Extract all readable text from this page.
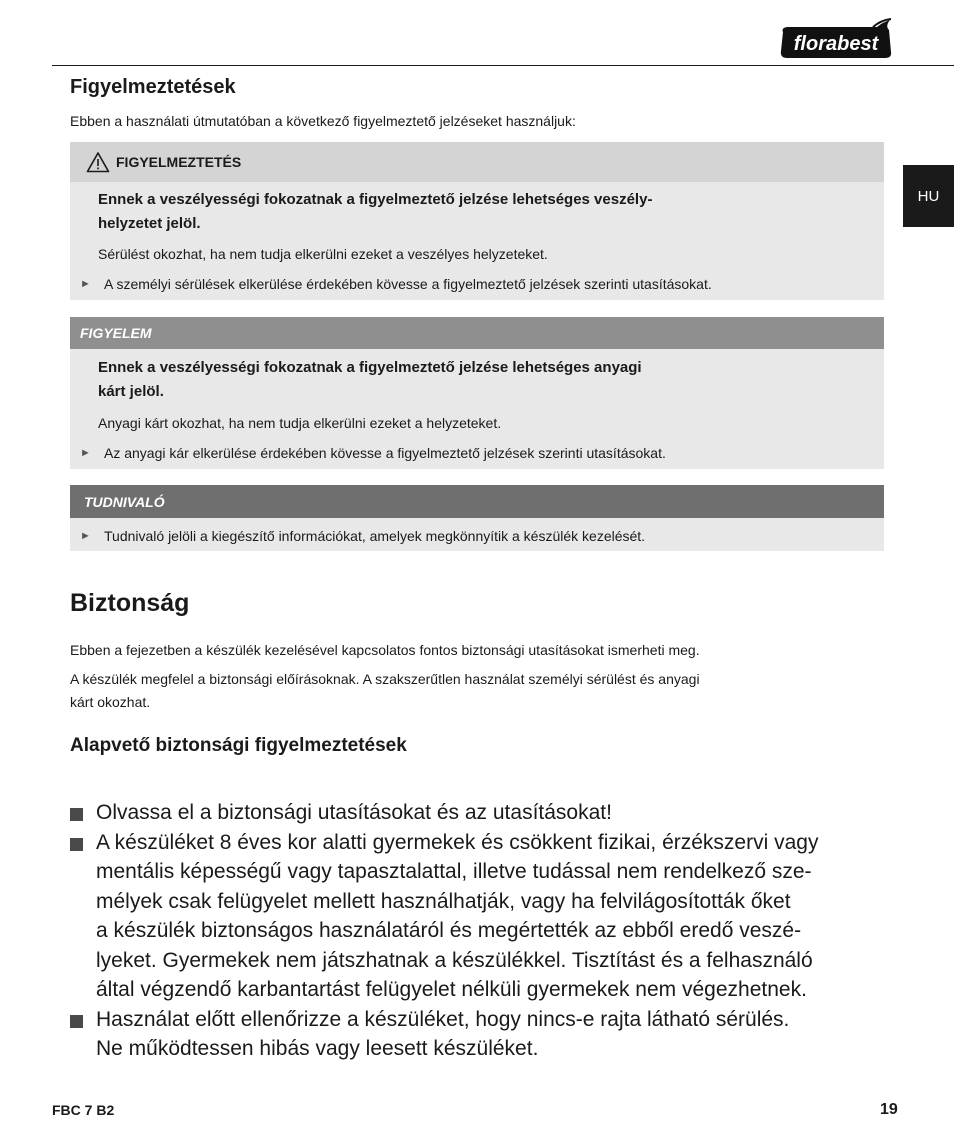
florabest
HU
Figyelmeztetések

Ebben a használati útmutatóban a következő figyelmeztető jelzéseket használjuk:

FIGYELMEZTETÉS

Ennek a veszélyességi fokozatnak a figyelmeztető jelzése lehetséges veszély-

helyzetet jelöl.

Sérülést okozhat, ha nem tudja elkerülni ezeket a veszélyes helyzeteket.

► A személyi sérülések elkerülése érdekében kövesse a figyelmeztető jelzések szerinti utasításokat.
FIGYELEM

Ennek a veszélyességi fokozatnak a figyelmeztető jelzése lehetséges anyagi

kárt jelöl.

Anyagi kárt okozhat, ha nem tudja elkerülni ezeket a helyzeteket.

► Az anyagi kár elkerülése érdekében kövesse a figyelmeztető jelzések szerinti utasításokat.
TUDNIVALÓ
► Tudnivaló jelöli a kiegészítő információkat, amelyek megkönnyítik a készülék kezelését.
Biztonság

Ebben a fejezetben a készülék kezelésével kapcsolatos fontos biztonsági utasításokat ismerheti meg.

A készülék megfelel a biztonsági előírásoknak. A szakszerűtlen használat személyi sérülést és anyagi

kárt okozhat.

Alapvető biztonsági figyelmeztetések

Olvassa el a biztonsági utasításokat és az utasításokat!

A készüléket 8 éves kor alatti gyermekek és csökkent fizikai, érzékszervi vagy

mentális képességű vagy tapasztalattal, illetve tudással nem rendelkező sze-

mélyek csak felügyelet mellett használhatják, vagy ha felvilágosították őket

a készülék biztonságos használatáról és megértették az ebből eredő veszé-

lyeket. Gyermekek nem játszhatnak a készülékkel. Tisztítást és a felhasználó

által végzendő karbantartást felügyelet nélküli gyermekek nem végezhetnek.

Használat előtt ellenőrizze a készüléket, hogy nincs-e rajta látható sérülés.

Ne működtessen hibás vagy leesett készüléket.

FBC 7 B2	19
